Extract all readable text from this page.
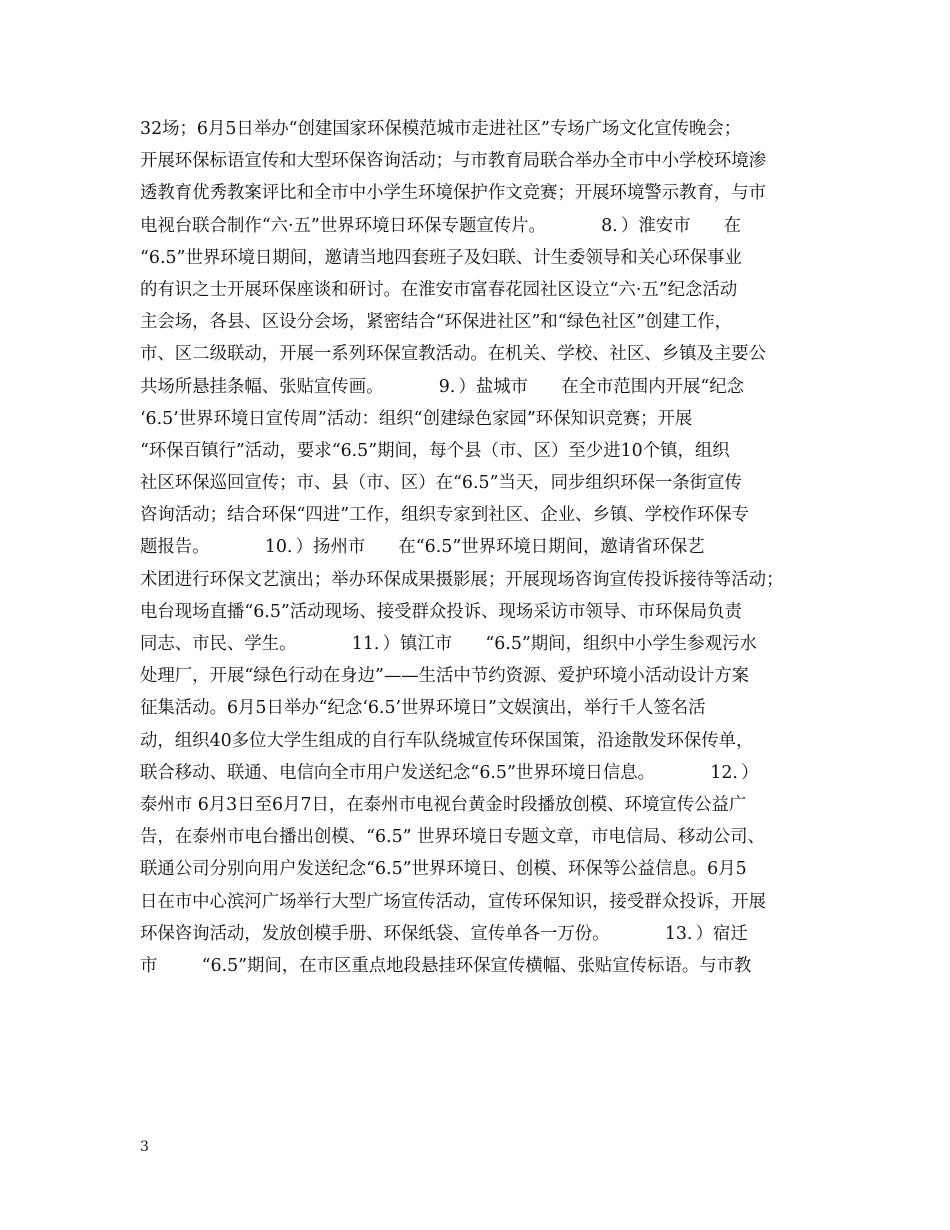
32场；6月5日举办“创建国家环保模范城市走进社区”专场广场文化宣传晚会；
开展环保标语宣传和大型环保咨询活动；与市教育局联合举办全市中小学校环境渗
透教育优秀教案评比和全市中小学生环境保护作文竞赛；开展环境警示教育，与市
电视台联合制作“六·五”世界环境日环保专题宣传片。          8．）淮安市      在
“6.5”世界环境日期间，邀请当地四套班子及妇联、计生委领导和关心环保事业
的有识之士开展环保座谈和研讨。在淮安市富春花园社区设立“六·五”纪念活动
主会场，各县、区设分会场，紧密结合“环保进社区”和“绿色社区”创建工作，
市、区二级联动，开展一系列环保宣教活动。在机关、学校、社区、乡镇及主要公
共场所悬挂条幅、张贴宣传画。          9．）盐城市      在全市范围内开展“纪念
‘6.5’世界环境日宣传周”活动：组织“创建绿色家园”环保知识竞赛；开展
“环保百镇行”活动，要求“6.5”期间，每个县（市、区）至少进10个镇，组织
社区环保巡回宣传；市、县（市、区）在“6.5”当天，同步组织环保一条街宣传
咨询活动；结合环保“四进”工作，组织专家到社区、企业、乡镇、学校作环保专
题报告。          10．）扬州市      在“6.5”世界环境日期间，邀请省环保艺
术团进行环保文艺演出；举办环保成果摄影展；开展现场咨询宣传投诉接待等活动；
电台现场直播“6.5”活动现场、接受群众投诉、现场采访市领导、市环保局负责
同志、市民、学生。          11．）镇江市      “6.5”期间，组织中小学生参观污水
处理厂，开展“绿色行动在身边”——生活中节约资源、爱护环境小活动设计方案
征集活动。6月5日举办“纪念‘6.5’世界环境日”文娱演出，举行千人签名活
动，组织40多位大学生组成的自行车队绕城宣传环保国策，沿途散发环保传单，
联合移动、联通、电信向全市用户发送纪念“6.5”世界环境日信息。          12．）
泰州市 6月3日至6月7日，在泰州市电视台黄金时段播放创模、环境宣传公益广
告，在泰州市电台播出创模、“6.5” 世界环境日专题文章，市电信局、移动公司、
联通公司分别向用户发送纪念“6.5”世界环境日、创模、环保等公益信息。6月5
日在市中心滨河广场举行大型广场宣传活动，宣传环保知识，接受群众投诉，开展
环保咨询活动，发放创模手册、环保纸袋、宣传单各一万份。          13．）宿迁
市        “6.5”期间，在市区重点地段悬挂环保宣传横幅、张贴宣传标语。与市教
3
